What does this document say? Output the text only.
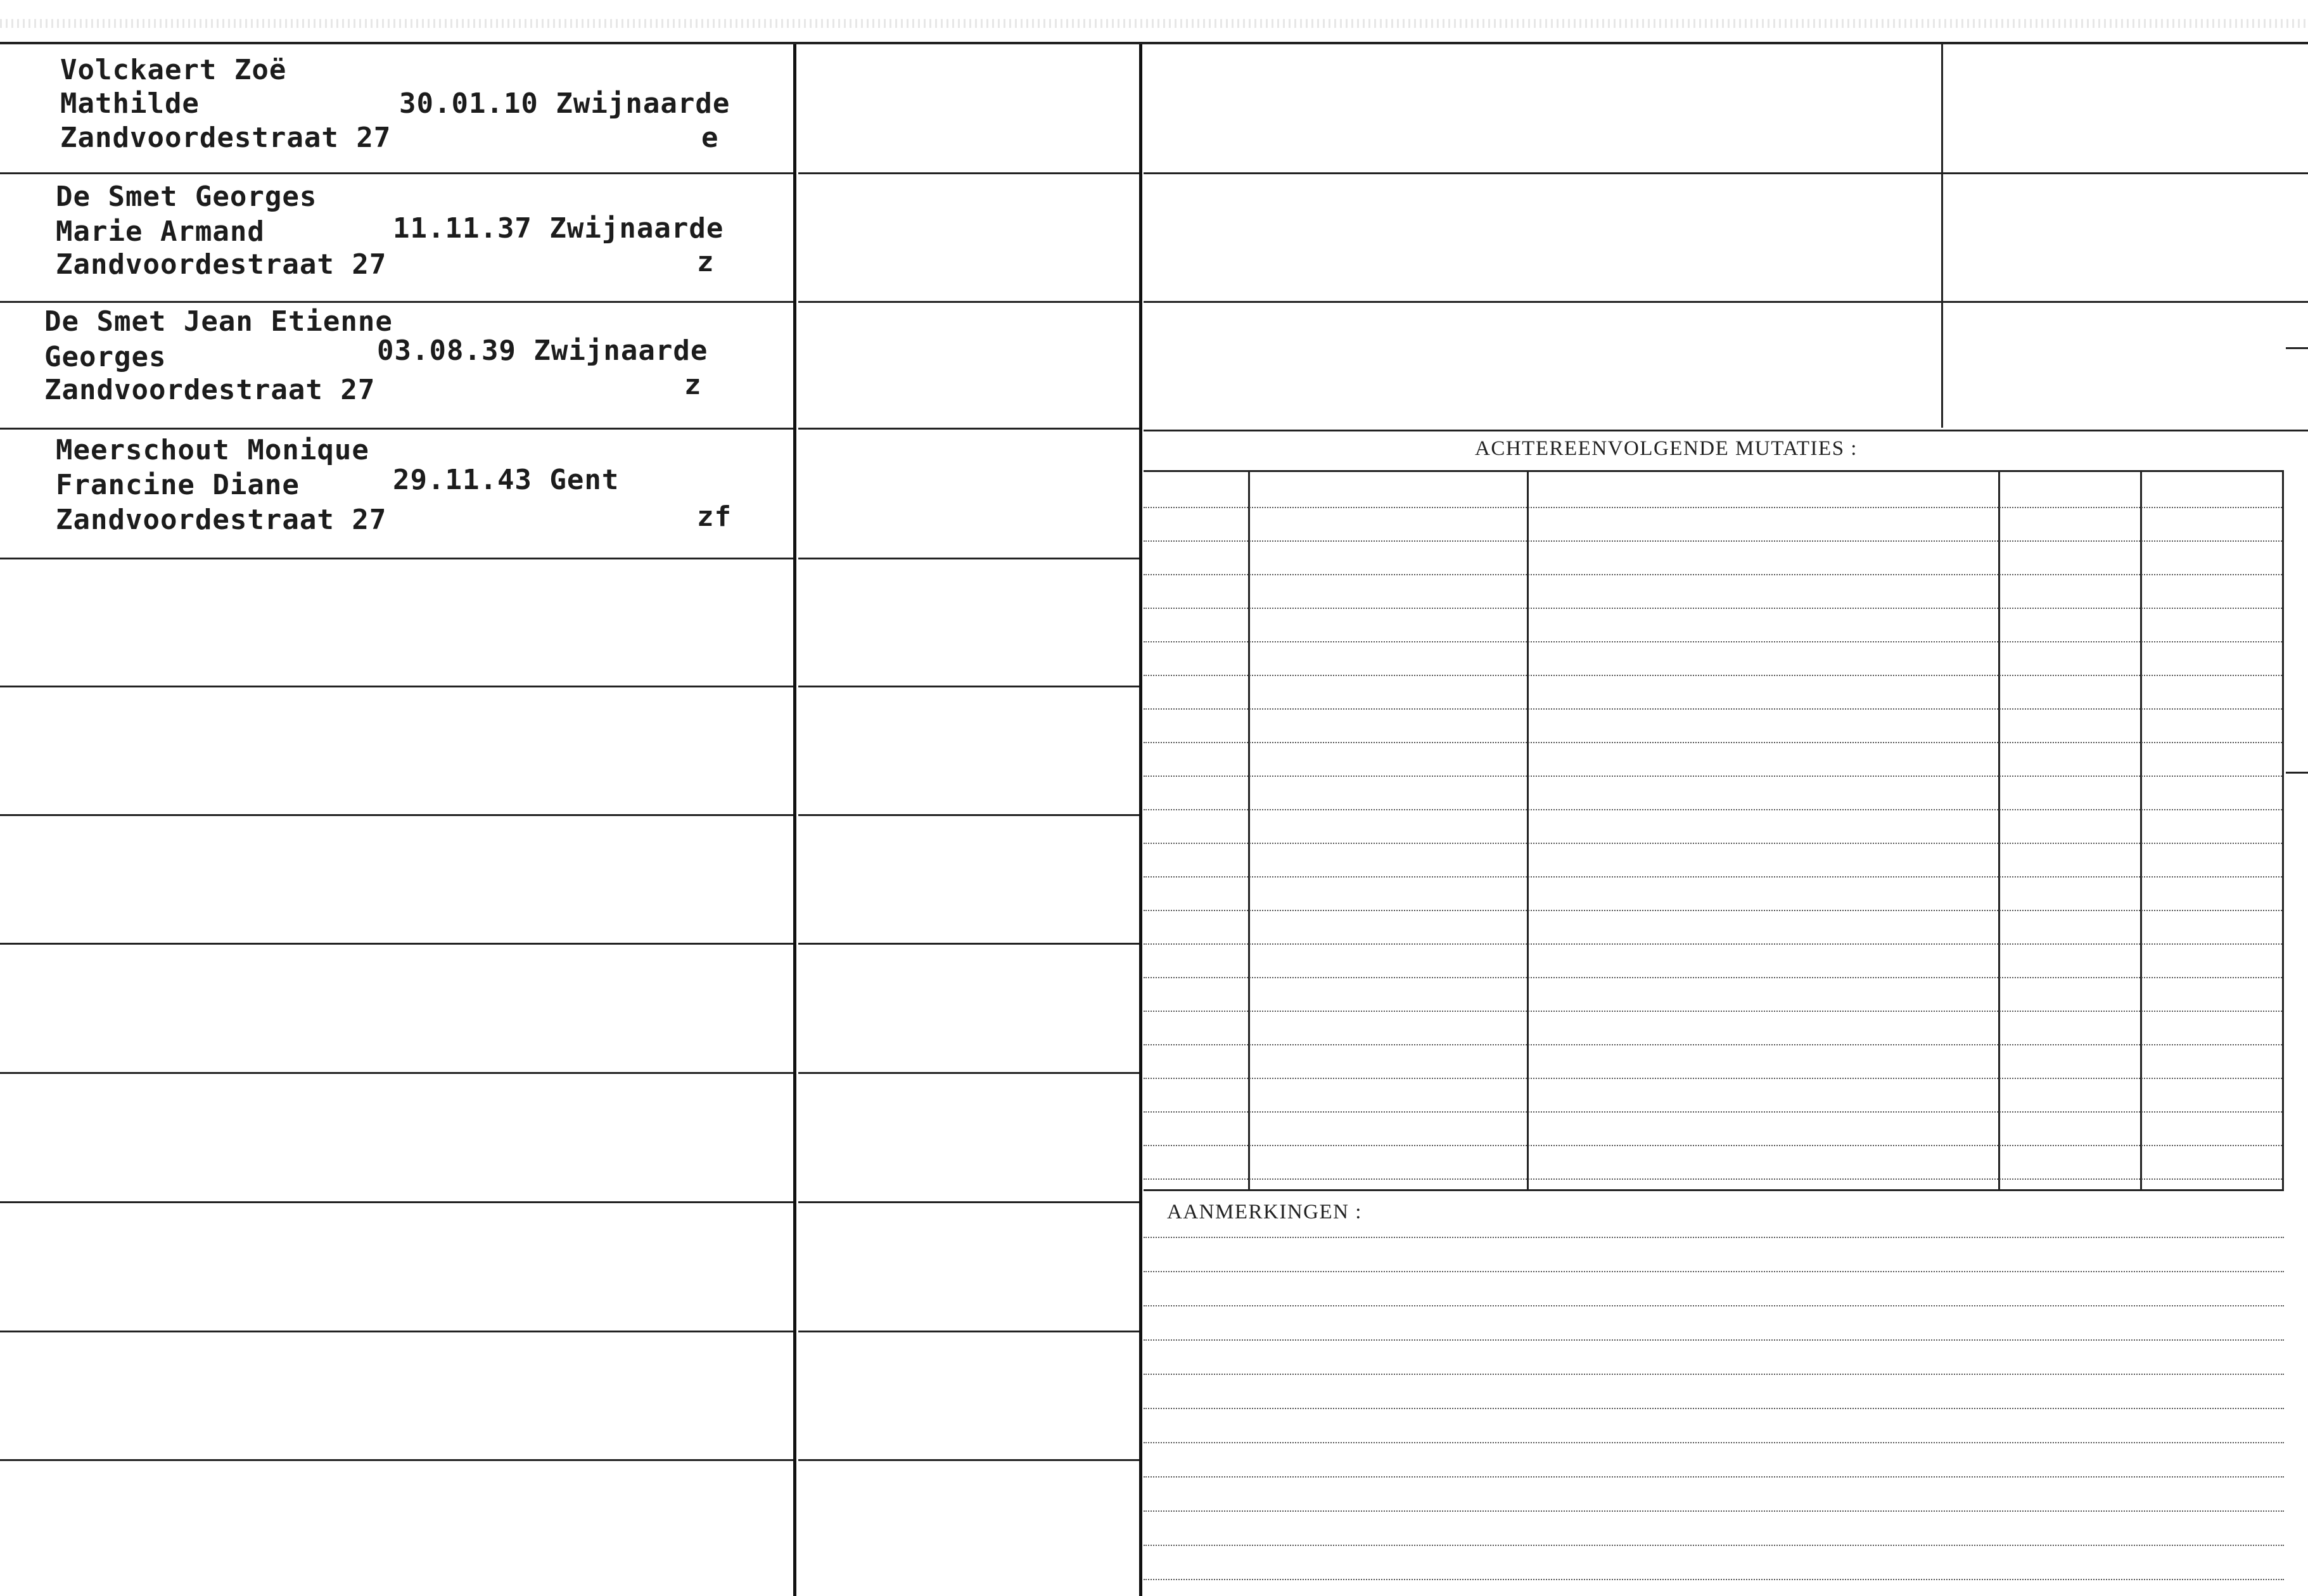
Volckaert Zoë
Mathilde
Zandvoordestraat 27
30.01.10 Zwijnaarde
e
De Smet Georges
Marie Armand
Zandvoordestraat 27
11.11.37 Zwijnaarde
z
De Smet Jean Etienne
Georges
Zandvoordestraat 27
03.08.39 Zwijnaarde
z
Meerschout Monique
Francine Diane
Zandvoordestraat 27
29.11.43 Gent
zf
ACHTEREENVOLGENDE MUTATIES :
AANMERKINGEN :
